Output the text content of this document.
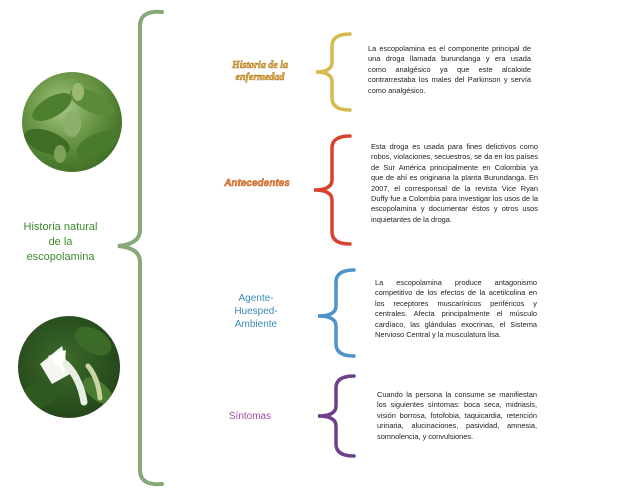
Historia natural de la escopolamina
Historia de la enfermedad
Antecedentes
Agente-Huesped-Ambiente
Síntomas
La escopolamina es el componente principal de una droga llamada burundanga y era usada como analgésico ya que este alcaloide contrarrestaba los males del Parkinson y servía como analgésico.
Esta droga es usada para fines delictivos como robos, violaciones, secuestros, se da en los países de Sur América principalmente en Colombia ya que de ahí es originaria la planta Burundanga. En 2007, el corresponsal de la revista Vice Ryan Duffy fue a Colombia para investigar los usos de la escopolamina y documentar éstos y otros usos inquietantes de la droga.
La escopolamina produce antagonismo competitivo de los efectos de la acetilcolina en los receptores muscarínicos periféricos y centrales. Afecta principalmente el músculo cardíaco, las glándulas exocrinas, el Sistema Nervioso Central y la musculatura lisa.
Cuando la persona la consume se manifiestan los siguientes síntomas: boca seca, midriasis, visión borrosa, fotofobia, taquicardia, retención urinaria, alucinaciones, pasividad, amnesia, somnolencia, y convulsiones.
